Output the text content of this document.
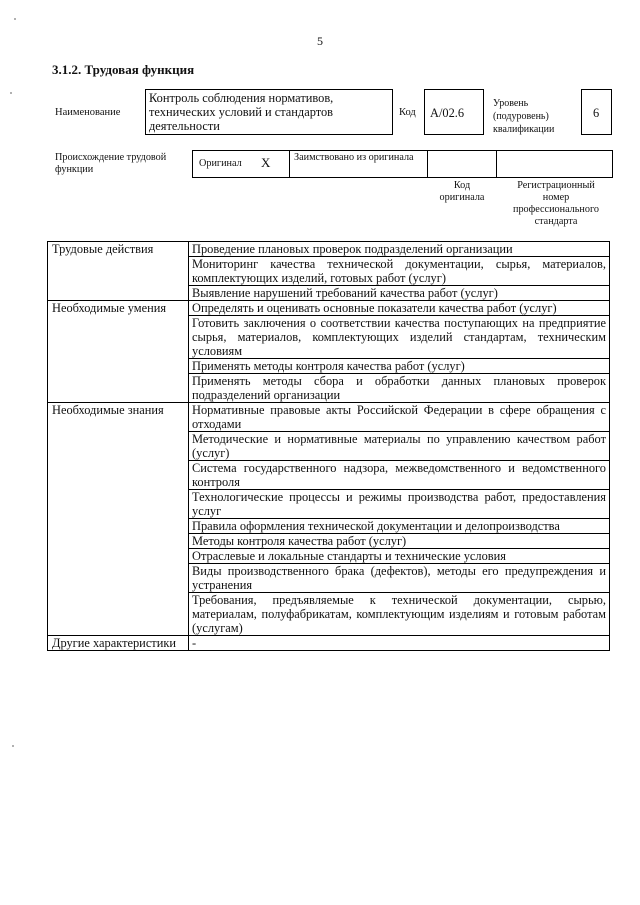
5
3.1.2. Трудовая функция
Наименование
Контроль соблюдения нормативов, технических условий и стандартов деятельности
Код A/02.6
Уровень (подуровень) квалификации
6
Происхождение трудовой функции
Оригинал X Заимствовано из оригинала
Код оригинала
Регистрационный номер профессионального стандарта
Трудовые действия	Проведение плановых проверок подразделений организации
	Мониторинг качества технической документации, сырья, материалов, комплектующих изделий, готовых работ (услуг)
	Выявление нарушений требований качества работ (услуг)
Необходимые умения	Определять и оценивать основные показатели качества работ (услуг)
	Готовить заключения о соответствии качества поступающих на предприятие сырья, материалов, комплектующих изделий стандартам, техническим условиям
	Применять методы контроля качества работ (услуг)
	Применять методы сбора и обработки данных плановых проверок подразделений организации
Необходимые знания	Нормативные правовые акты Российской Федерации в сфере обращения с отходами
	Методические и нормативные материалы по управлению качеством работ (услуг)
	Система государственного надзора, межведомственного и ведомственного контроля
	Технологические процессы и режимы производства работ, предоставления услуг
	Правила оформления технической документации и делопроизводства
	Методы контроля качества работ (услуг)
	Отраслевые и локальные стандарты и технические условия
	Виды производственного брака (дефектов), методы его предупреждения и устранения
	Требования, предъявляемые к технической документации, сырью, материалам, полуфабрикатам, комплектующим изделиям и готовым работам (услугам)
Другие характеристики	-
